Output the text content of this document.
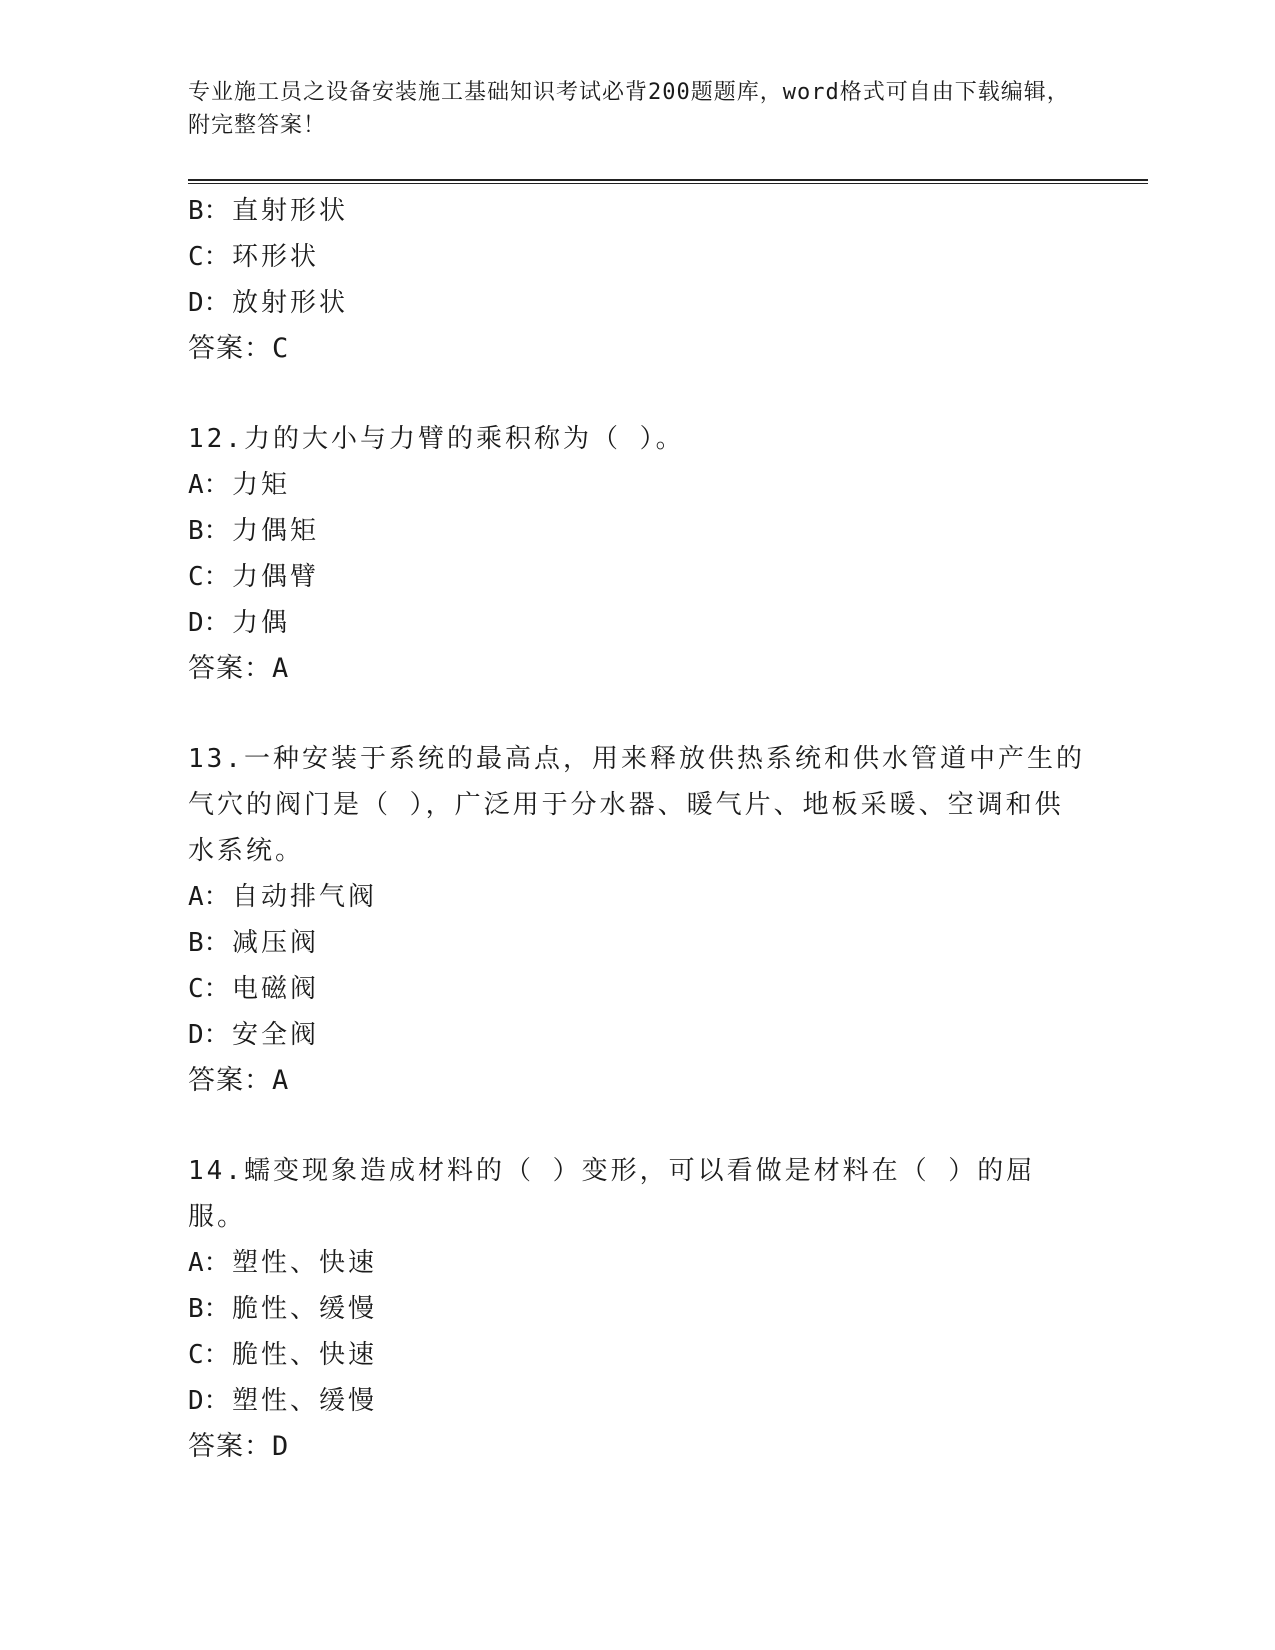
专业施工员之设备安装施工基础知识考试必背200题题库，word格式可自由下载编辑，附完整答案！
B：直射形状
C：环形状
D：放射形状
答案：C
12.力的大小与力臂的乘积称为（ ）。
A：力矩
B：力偶矩
C：力偶臂
D：力偶
答案：A
13.一种安装于系统的最高点，用来释放供热系统和供水管道中产生的气穴的阀门是（ ），广泛用于分水器、暖气片、地板采暖、空调和供水系统。
A：自动排气阀
B：减压阀
C：电磁阀
D：安全阀
答案：A
14.蠕变现象造成材料的（ ）变形，可以看做是材料在（ ）的屈服。
A：塑性、快速
B：脆性、缓慢
C：脆性、快速
D：塑性、缓慢
答案：D
